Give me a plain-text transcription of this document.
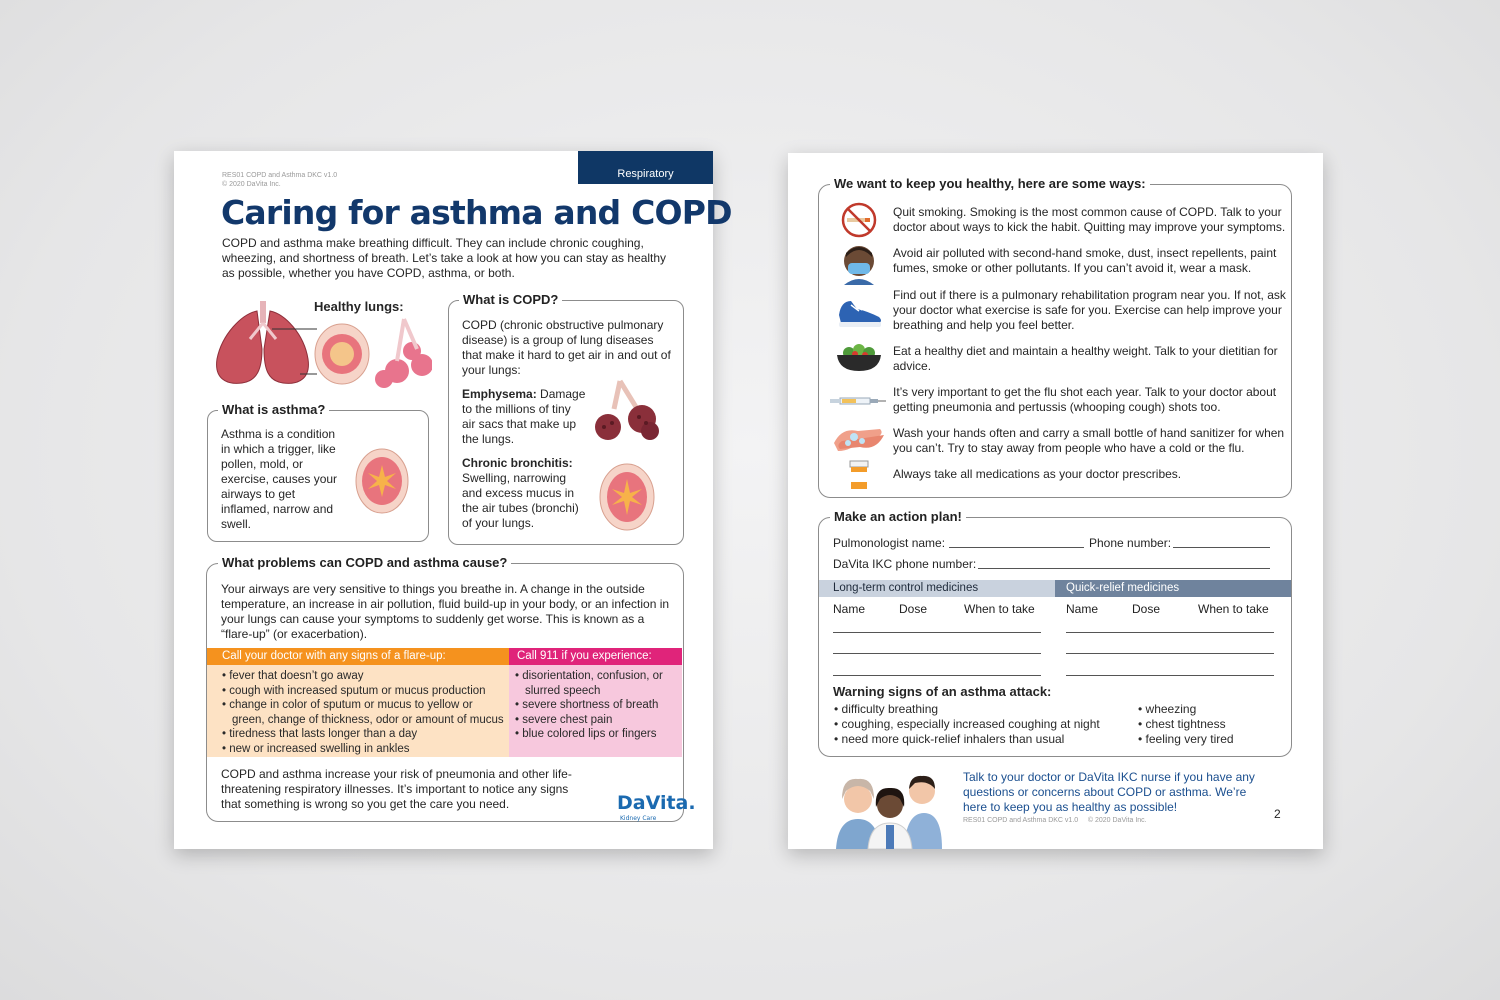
RES01 COPD and Asthma DKC v1.0
© 2020 DaVita Inc.
Respiratory
Caring for asthma and COPD

COPD and asthma make breathing difficult. They can include chronic coughing, wheezing, and shortness of breath. Let’s take a look at how you can stay as healthy as possible, whether you have COPD, asthma, or both.

Healthy lungs:
What is asthma?

Asthma is a condition in which a trigger, like pollen, mold, or exercise, causes your airways to get inflamed, narrow and swell.

What is COPD?

COPD (chronic obstructive pulmonary disease) is a group of lung diseases that make it hard to get air in and out of your lungs:

Emphysema: Damage to the millions of tiny air sacs that make up the lungs.

Chronic bronchitis: Swelling, narrowing and excess mucus in the air tubes (bronchi) of your lungs.

What problems can COPD and asthma cause?

Your airways are very sensitive to things you breathe in. A change in the outside temperature, an increase in air pollution, fluid build-up in your body, or an infection in your lungs can cause your symptoms to suddenly get worse. This is known as a “flare-up” (or exacerbation).

Call your doctor with any signs of a flare-up:
• fever that doesn’t go away
• cough with increased sputum or mucus production
• change in color of sputum or mucus to yellow or green, change of thickness, odor or amount of mucus
• tiredness that lasts longer than a day
• new or increased swelling in ankles
Call 911 if you experience:
• disorientation, confusion, or slurred speech
• severe shortness of breath
• severe chest pain
• blue colored lips or fingers

COPD and asthma increase your risk of pneumonia and other life-threatening respiratory illnesses. It’s important to notice any signs that something is wrong so you get the care you need.	DaVita.
Kidney Care
We want to keep you healthy, here are some ways:

Quit smoking. Smoking is the most common cause of COPD. Talk to your doctor about ways to kick the habit. Quitting may improve your symptoms.

Avoid air polluted with second-hand smoke, dust, insect repellents, paint fumes, smoke or other pollutants. If you can’t avoid it, wear a mask.

Find out if there is a pulmonary rehabilitation program near you. If not, ask your doctor what exercise is safe for you. Exercise can help improve your breathing and help you feel better.

Eat a healthy diet and maintain a healthy weight. Talk to your dietitian for advice.

It’s very important to get the flu shot each year. Talk to your doctor about getting pneumonia and pertussis (whooping cough) shots too.

Wash your hands often and carry a small bottle of hand sanitizer for when you can’t. Try to stay away from people who have a cold or the flu.

Always take all medications as your doctor prescribes.

Make an action plan!
Pulmonologist name:	Phone number:
DaVita IKC phone number:
Long-term control medicines	Quick-relief medicines
Name	Dose	When to take	Name	Dose	When to take
Warning signs of an asthma attack:
• difficulty breathing
• coughing, especially increased coughing at night
• need more quick-relief inhalers than usual
• wheezing
• chest tightness
• feeling very tired

Talk to your doctor or DaVita IKC nurse if you have any questions or concerns about COPD or asthma. We’re here to keep you as healthy as possible!

RES01 COPD and Asthma DKC v1.0     © 2020 DaVita Inc.	2
